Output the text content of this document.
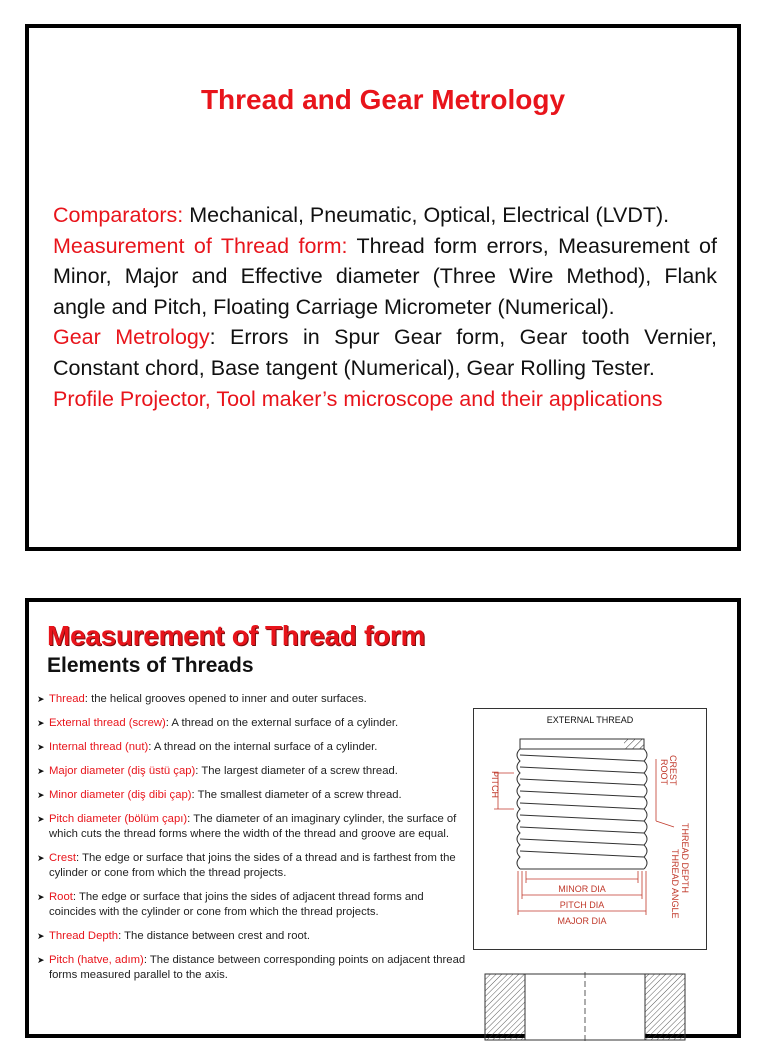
Thread and Gear Metrology

Comparators: Mechanical, Pneumatic, Optical, Electrical (LVDT).

Measurement of Thread form: Thread form errors, Measurement of Minor, Major and Effective diameter (Three Wire Method), Flank angle and Pitch, Floating Carriage Micrometer (Numerical).

Gear Metrology: Errors in Spur Gear form, Gear tooth Vernier, Constant chord, Base tangent (Numerical), Gear Rolling Tester.

Profile Projector, Tool maker’s microscope and their applications

Measurement of Thread form
Elements of Threads
➤ Thread: the helical grooves opened to inner and outer surfaces.
➤ External thread (screw): A thread on the external surface of a cylinder.
➤ Internal thread (nut): A thread on the internal surface of a cylinder.
➤ Major diameter (diş üstü çap): The largest diameter of a screw thread.
➤ Minor diameter (diş dibi çap): The smallest diameter of a screw thread.
➤ Pitch diameter (bölüm çapı): The diameter of an imaginary cylinder, the surface of which cuts the thread forms where the width of the thread and groove are equal.
➤ Crest: The edge or surface that joins the sides of a thread and is farthest from the cylinder or cone from which the thread projects.
➤ Root: The edge or surface that joins the sides of adjacent thread forms and coincides with the cylinder or cone from which the thread projects.
➤ Thread Depth: The distance between crest and root.
➤ Pitch (hatve, adım): The distance between corresponding points on adjacent thread forms measured parallel to the axis.
EXTERNAL THREAD
PITCH	CREST
ROOT
THREAD DEPTH
THREAD ANGLE
MINOR DIA
PITCH DIA
MAJOR DIA
